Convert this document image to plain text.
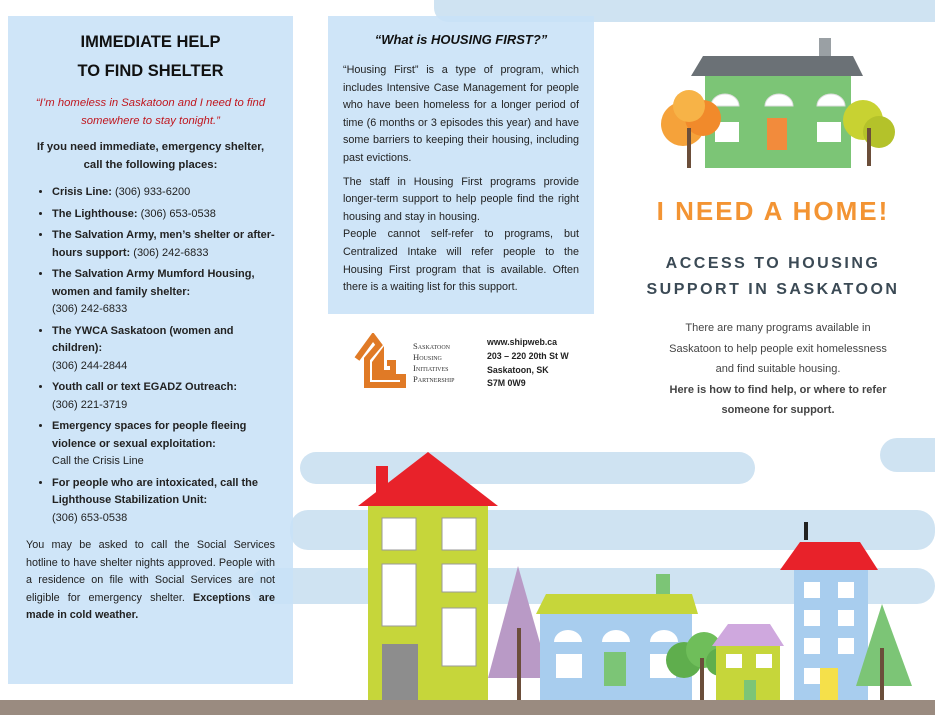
IMMEDIATE HELP
TO FIND SHELTER
“I’m homeless in Saskatoon and I need to find somewhere to stay tonight.”
If you need immediate, emergency shelter, call the following places:
• Crisis Line: (306) 933-6200
• The Lighthouse: (306) 653-0538
• The Salvation Army, men’s shelter or after-hours support: (306) 242-6833
• The Salvation Army Mumford Housing, women and family shelter:
(306) 242-6833
• The YWCA Saskatoon (women and children):
(306) 244-2844
• Youth call or text EGADZ Outreach:
(306) 221-3719
• Emergency spaces for people fleeing violence or sexual exploitation:
Call the Crisis Line
• For people who are intoxicated, call the Lighthouse Stabilization Unit:
(306) 653-0538
You may be asked to call the Social Services hotline to have shelter nights approved. People with a residence on file with Social Services are not eligible for emergency shelter. Exceptions are made in cold weather.
“What is HOUSING FIRST?”

“Housing First” is a type of program, which includes Intensive Case Management for people who have been homeless for a longer period of time (6 months or 3 episodes this year) and have some barriers to keeping their housing, including past evictions.

The staff in Housing First programs provide longer-term support to help people find the right housing and stay in housing.

People cannot self-refer to programs, but Centralized Intake will refer people to the Housing First program that is available. Often there is a waiting list for this support.

Saskatoon
Housing
Initiatives
Partnership
www.shipweb.ca
203 – 220 20th St W
Saskatoon, SK
S7M 0W9
I NEED A HOME!
ACCESS TO HOUSING
SUPPORT IN SASKATOON
There are many programs available in
Saskatoon to help people exit homelessness
and find suitable housing.
Here is how to find help, or where to refer
someone for support.
